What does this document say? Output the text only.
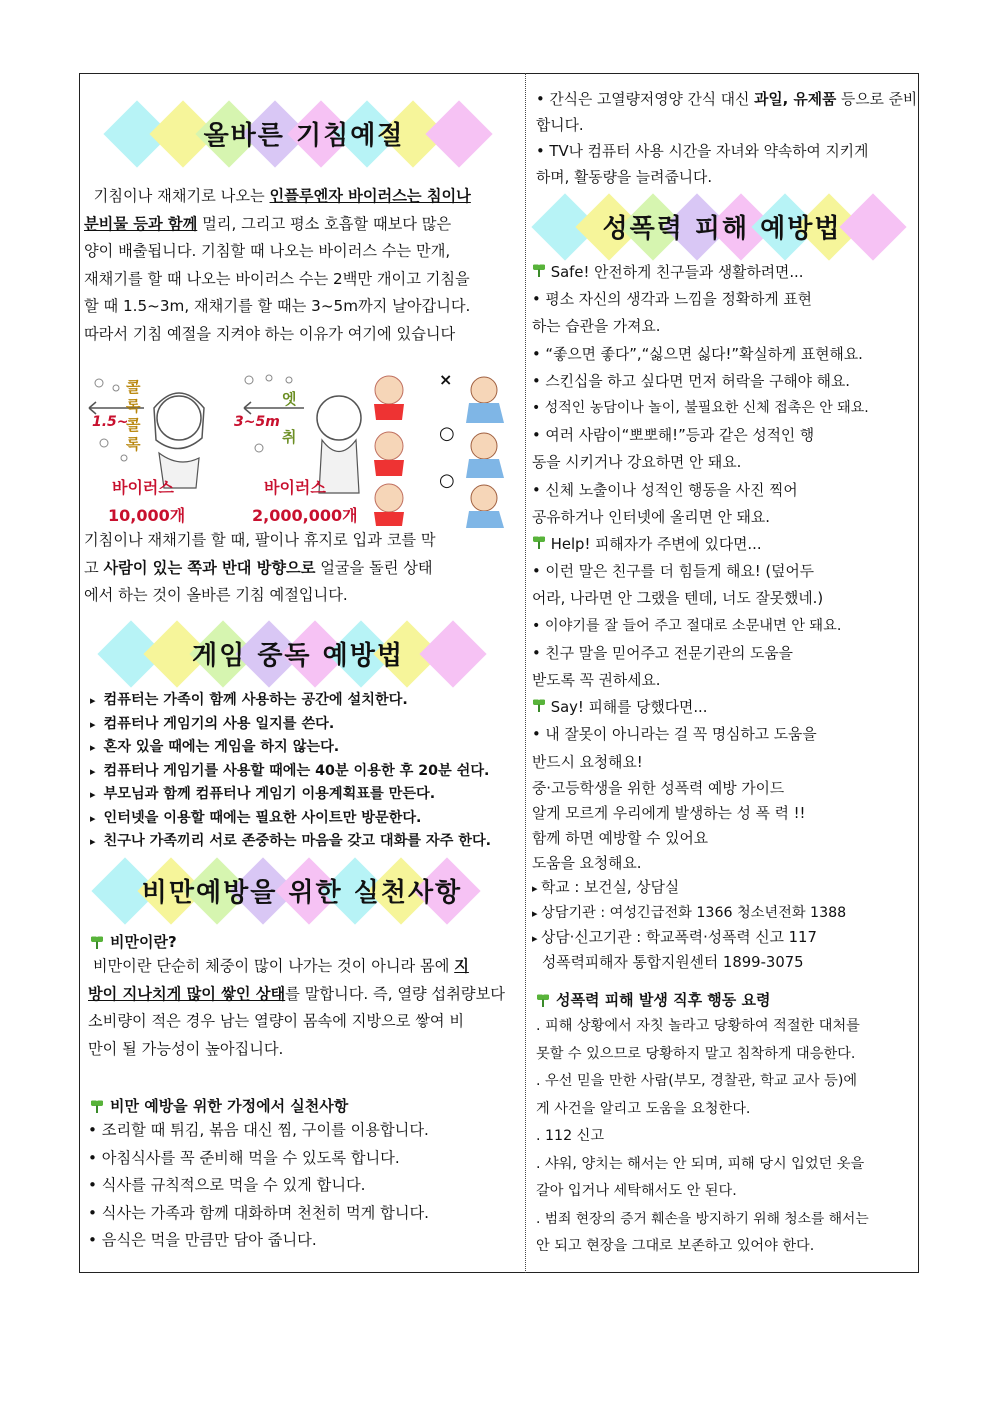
올바른 기침예절
기침이나 재채기로 나오는 인플루엔자 바이러스는 침이나
분비물 등과 함께 멀리, 그리고 평소 호흡할 때보다 많은
양이 배출됩니다. 기침할 때 나오는 바이러스 수는 만개,
재채기를 할 때 나오는 바이러스 수는 2백만 개이고 기침을
할 때 1.5~3m, 재채기를 할 때는 3~5m까지 날아갑니다.
따라서 기침 예절을 지켜야 하는 이유가 여기에 있습니다
콜록콜록
1.5~
엣취
3~5m
×
○
○
바이러스
10,000개
바이러스
2,000,000개
기침이나 재채기를 할 때, 팔이나 휴지로 입과 코를 막
고 사람이 있는 쪽과 반대 방향으로 얼굴을 돌린 상태
에서 하는 것이 올바른 기침 예절입니다.
게임 중독 예방법
▸ 컴퓨터는 가족이 함께 사용하는 공간에 설치한다.
▸ 컴퓨터나 게임기의 사용 일지를 쓴다.
▸ 혼자 있을 때에는 게임을 하지 않는다.
▸ 컴퓨터나 게임기를 사용할 때에는 40분 이용한 후 20분 쉰다.
▸ 부모님과 함께 컴퓨터나 게임기 이용계획표를 만든다.
▸ 인터넷을 이용할 때에는 필요한 사이트만 방문한다.
▸ 친구나 가족끼리 서로 존중하는 마음을 갖고 대화를 자주 한다.
비만예방을 위한 실천사항
비만이란?
비만이란 단순히 체중이 많이 나가는 것이 아니라 몸에 지
방이 지나치게 많이 쌓인 상태를 말합니다. 즉, 열량 섭취량보다
소비량이 적은 경우 남는 열량이 몸속에 지방으로 쌓여 비
만이 될 가능성이 높아집니다.
비만 예방을 위한 가정에서 실천사항
• 조리할 때 튀김, 볶음 대신 찜, 구이를 이용합니다.
• 아침식사를 꼭 준비해 먹을 수 있도록 합니다.
• 식사를 규칙적으로 먹을 수 있게 합니다.
• 식사는 가족과 함께 대화하며 천천히 먹게 합니다.
• 음식은 먹을 만큼만 담아 줍니다.
• 간식은 고열량저영양 간식 대신 과일, 유제품 등으로 준비
합니다.
• TV나 컴퓨터 사용 시간을 자녀와 약속하여 지키게
하며, 활동량을 늘려줍니다.
성폭력 피해 예방법
Safe! 안전하게 친구들과 생활하려면...
• 평소 자신의 생각과 느낌을 정확하게 표현
하는 습관을 가져요.
• “좋으면 좋다”,“싫으면 싫다!”확실하게 표현해요.
• 스킨십을 하고 싶다면 먼저 허락을 구해야 해요.
• 성적인 농담이나 놀이, 불필요한 신체 접촉은 안 돼요.
• 여러 사람이“뽀뽀해!”등과 같은 성적인 행
동을 시키거나 강요하면 안 돼요.
• 신체 노출이나 성적인 행동을 사진 찍어
공유하거나 인터넷에 올리면 안 돼요.
Help! 피해자가 주변에 있다면...
• 이런 말은 친구를 더 힘들게 해요! (덮어두
어라, 나라면 안 그랬을 텐데, 너도 잘못했네.)
• 이야기를 잘 들어 주고 절대로 소문내면 안 돼요.
• 친구 말을 믿어주고 전문기관의 도움을
받도록 꼭 권하세요.
Say! 피해를 당했다면...
• 내 잘못이 아니라는 걸 꼭 명심하고 도움을
반드시 요청해요!
중·고등학생을 위한 성폭력 예방 가이드
알게 모르게 우리에게 발생하는 성 폭 력 !!
함께 하면 예방할 수 있어요
도움을 요청해요.
▸ 학교 : 보건실, 상담실
▸ 상담기관 : 여성긴급전화 1366 청소년전화 1388
▸ 상담·신고기관 : 학교폭력·성폭력 신고 117
성폭력피해자 통합지원센터 1899-3075
성폭력 피해 발생 직후 행동 요령
. 피해 상황에서 자칫 놀라고 당황하여 적절한 대처를
못할 수 있으므로 당황하지 말고 침착하게 대응한다.
. 우선 믿을 만한 사람(부모, 경찰관, 학교 교사 등)에
게 사건을 알리고 도움을 요청한다.
. 112 신고
. 샤워, 양치는 해서는 안 되며, 피해 당시 입었던 옷을
갈아 입거나 세탁해서도 안 된다.
. 범죄 현장의 증거 훼손을 방지하기 위해 청소를 해서는
안 되고 현장을 그대로 보존하고 있어야 한다.
